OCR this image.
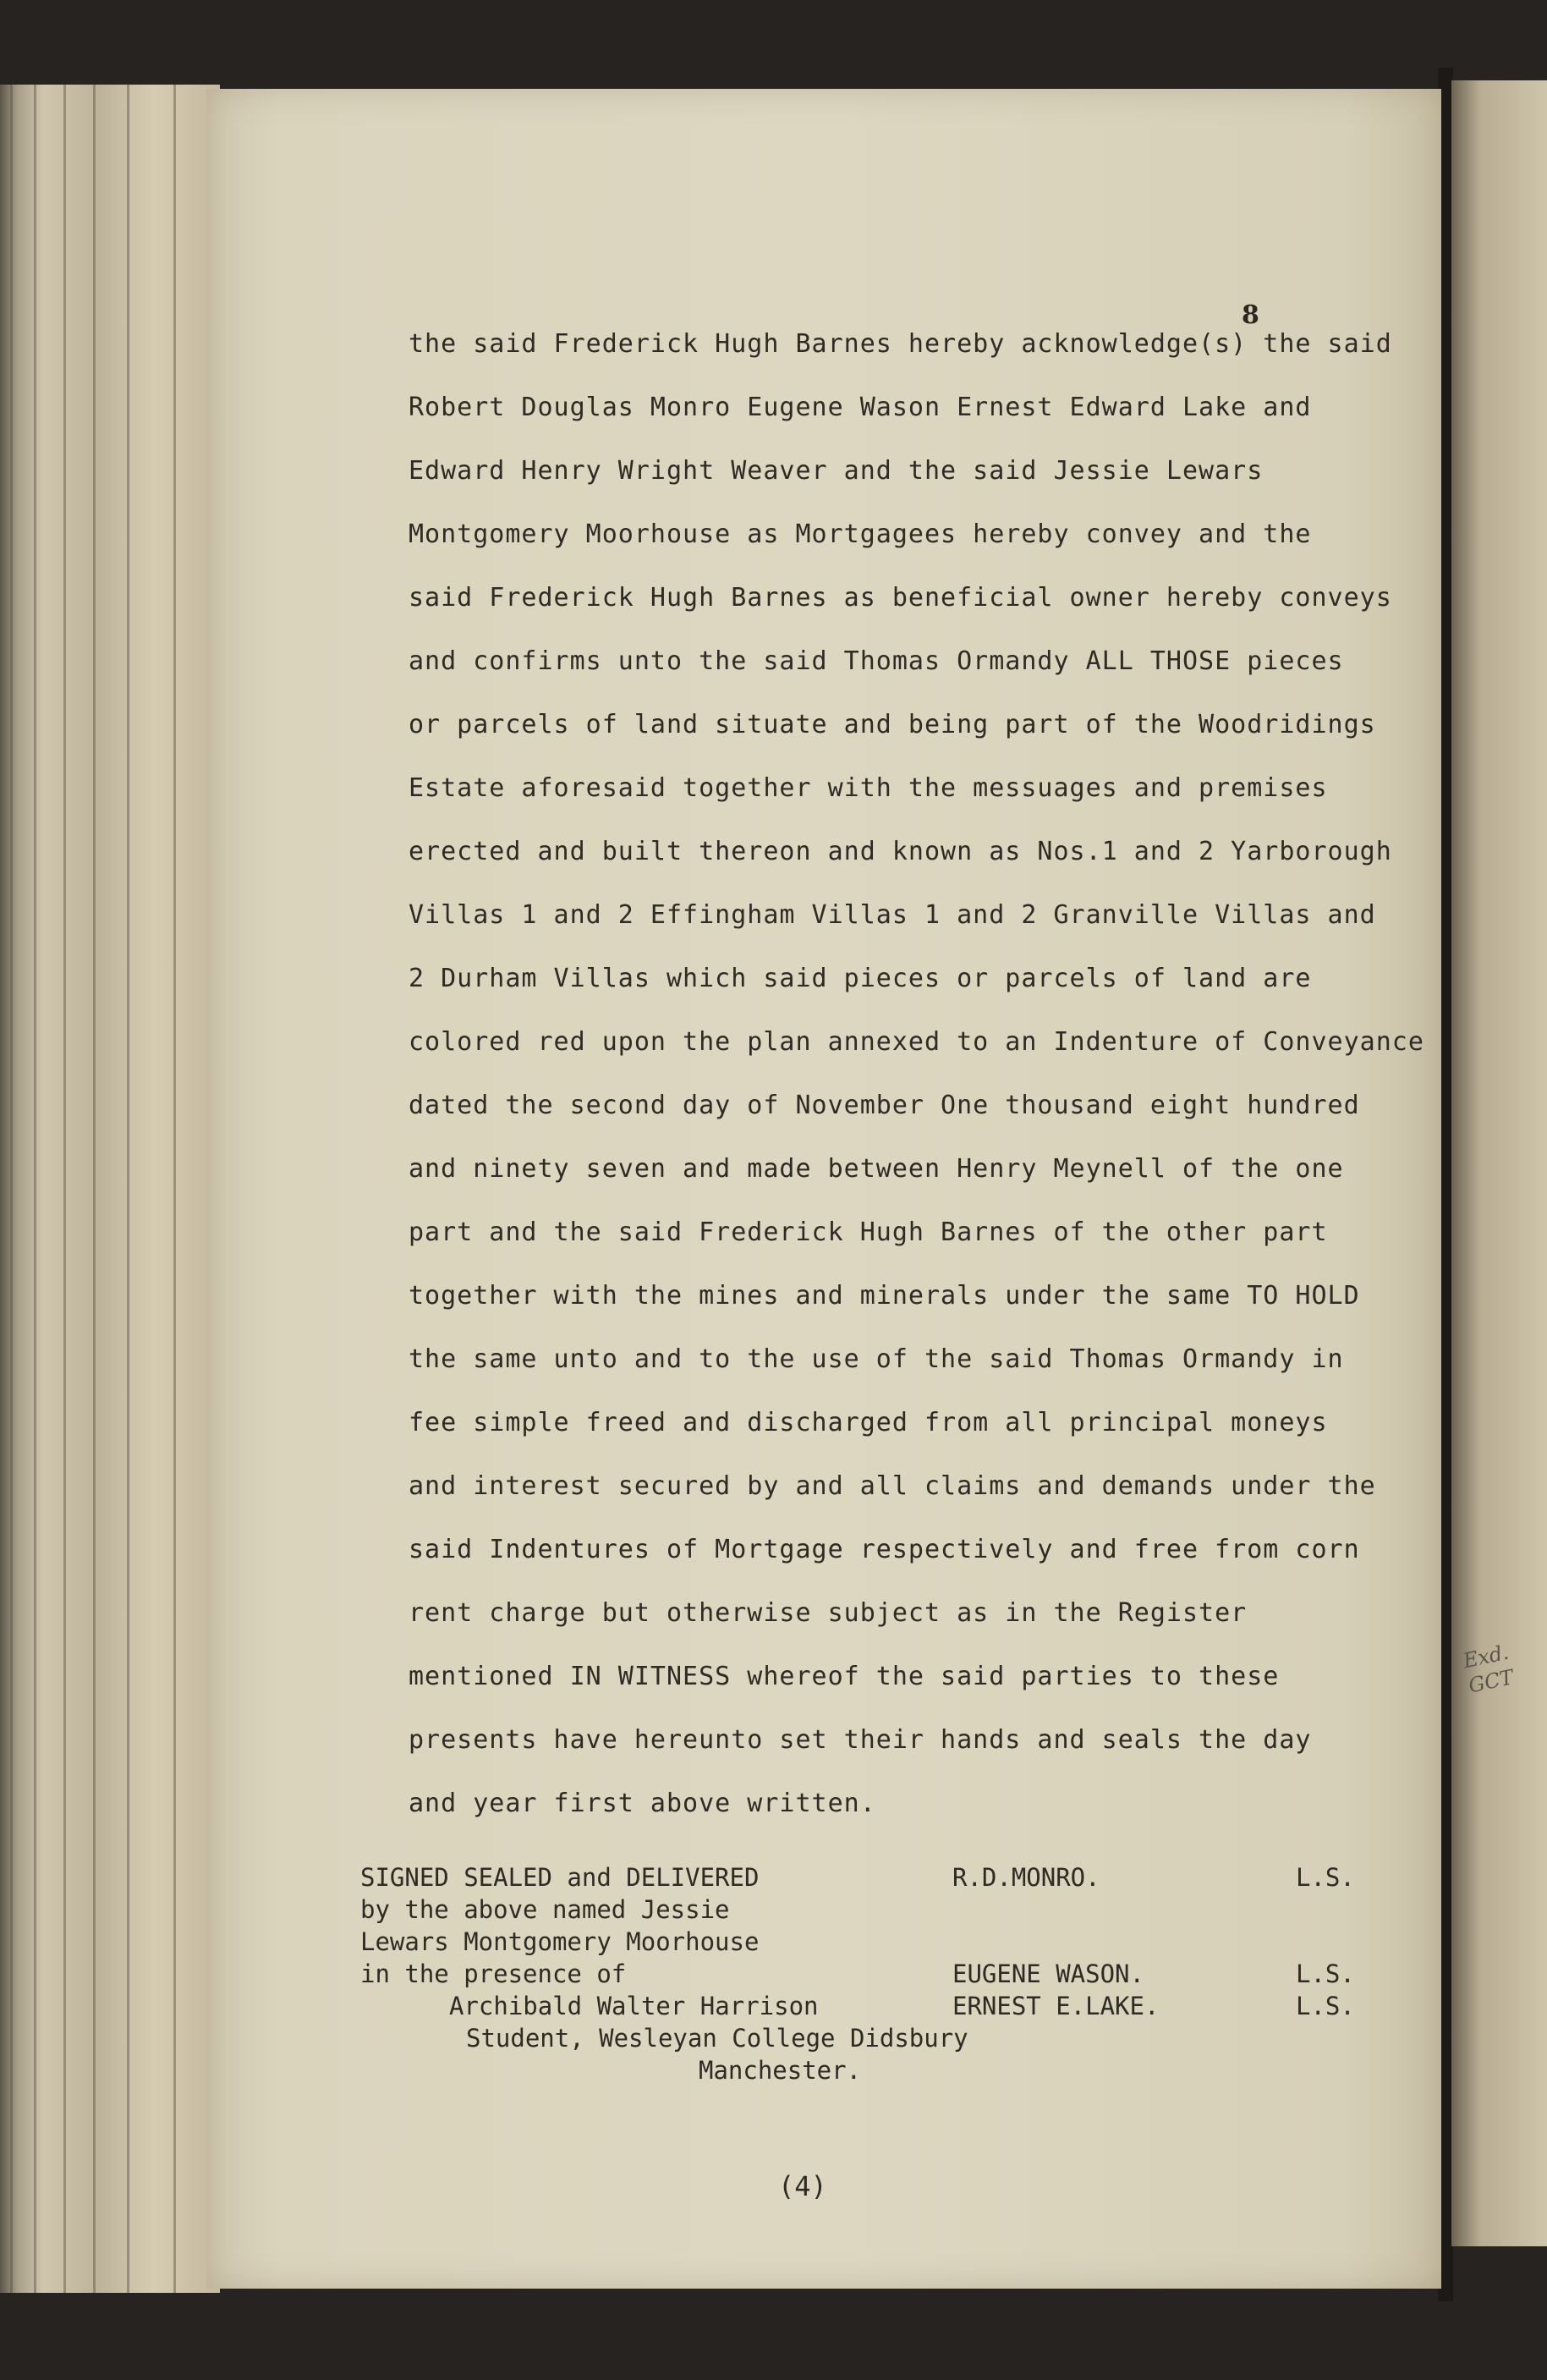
8
the said Frederick Hugh Barnes hereby acknowledge(s) the said
Robert Douglas Monro Eugene Wason Ernest Edward Lake and
Edward Henry Wright Weaver and the said Jessie Lewars
Montgomery Moorhouse as Mortgagees hereby convey and the
said Frederick Hugh Barnes as beneficial owner hereby conveys
and confirms unto the said Thomas Ormandy ALL THOSE pieces
or parcels of land situate and being part of the Woodridings
Estate aforesaid together with the messuages and premises
erected and built thereon and known as Nos.1 and 2 Yarborough
Villas 1 and 2 Effingham Villas 1 and 2 Granville Villas and
2 Durham Villas which said pieces or parcels of land are
colored red upon the plan annexed to an Indenture of Conveyance
dated the second day of November One thousand eight hundred
and ninety seven and made between Henry Meynell of the one
part and the said Frederick Hugh Barnes of the other part
together with the mines and minerals under the same TO HOLD
the same unto and to the use of the said Thomas Ormandy in
fee simple freed and discharged from all principal moneys
and interest secured by and all claims and demands under the
said Indentures of Mortgage respectively and free from corn
rent charge but otherwise subject as in the Register
mentioned IN WITNESS whereof the said parties to these
presents have hereunto set their hands and seals the day
and year first above written.
SIGNED SEALED and DELIVERED
by the above named Jessie
Lewars Montgomery Moorhouse
in the presence of
Archibald Walter Harrison
Student, Wesleyan College Didsbury
Manchester.
R.D.MONRO.
EUGENE WASON.
ERNEST E.LAKE.
L.S.
L.S.
L.S.
(4)
Exd. GCT
